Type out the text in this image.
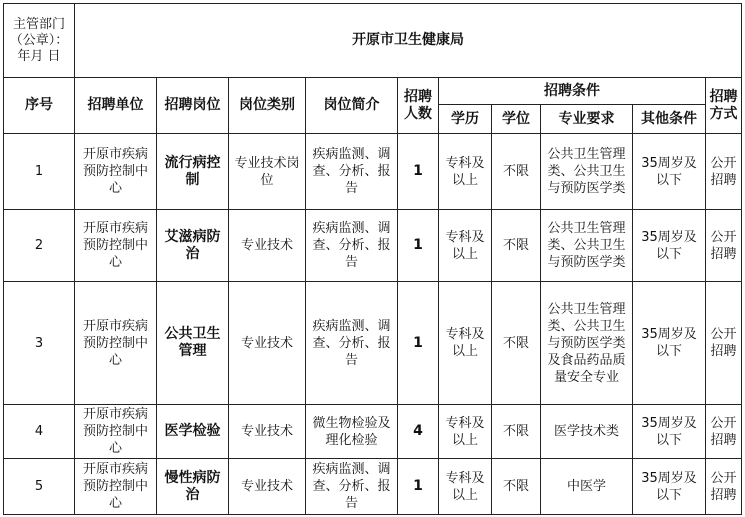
主管部门（公章）：
年月 日	开原市卫生健康局									
序号	招聘单位	招聘岗位	岗位类别	岗位简介	招聘人数	招聘条件				招聘方式
						学历	学位	专业要求	其他条件	
1	开原市疾病预防控制中心	流行病控制	专业技术岗位	疾病监测、调查、分析、报告	1	专科及以上	不限	公共卫生管理类、公共卫生与预防医学类	35周岁及以下	公开招聘
2	开原市疾病预防控制中心	艾滋病防治	专业技术	疾病监测、调查、分析、报告	1	专科及以上	不限	公共卫生管理类、公共卫生与预防医学类	35周岁及以下	公开招聘
3	开原市疾病预防控制中心	公共卫生管理	专业技术	疾病监测、调查、分析、报告	1	专科及以上	不限	公共卫生管理类、公共卫生与预防医学类及食品药品质量安全专业	35周岁及以下	公开招聘
4	开原市疾病预防控制中心	医学检验	专业技术	微生物检验及理化检验	4	专科及以上	不限	医学技术类	35周岁及以下	公开招聘
5	开原市疾病预防控制中心	慢性病防治	专业技术	疾病监测、调查、分析、报告	1	专科及以上	不限	中医学	35周岁及以下	公开招聘
